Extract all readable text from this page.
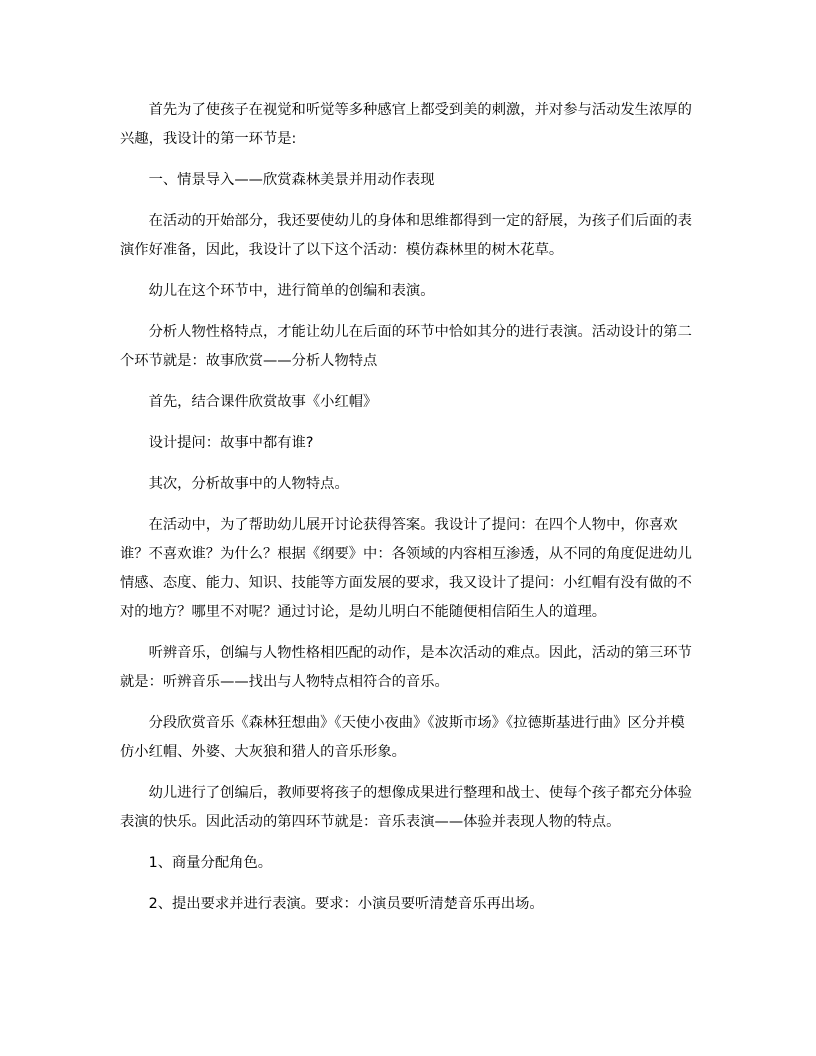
首先为了使孩子在视觉和听觉等多种感官上都受到美的刺激，并对参与活动发生浓厚的兴趣，我设计的第一环节是:

一、情景导入——欣赏森林美景并用动作表现

在活动的开始部分，我还要使幼儿的身体和思维都得到一定的舒展，为孩子们后面的表演作好准备，因此，我设计了以下这个活动：模仿森林里的树木花草。

幼儿在这个环节中，进行简单的创编和表演。

分析人物性格特点，才能让幼儿在后面的环节中恰如其分的进行表演。活动设计的第二个环节就是：故事欣赏——分析人物特点

首先，结合课件欣赏故事《小红帽》

设计提问：故事中都有谁?

其次，分析故事中的人物特点。

在活动中，为了帮助幼儿展开讨论获得答案。我设计了提问：在四个人物中，你喜欢谁？不喜欢谁？为什么？根据《纲要》中：各领域的内容相互渗透，从不同的角度促进幼儿情感、态度、能力、知识、技能等方面发展的要求，我又设计了提问：小红帽有没有做的不对的地方？哪里不对呢？通过讨论，是幼儿明白不能随便相信陌生人的道理。

听辨音乐，创编与人物性格相匹配的动作，是本次活动的难点。因此，活动的第三环节就是：听辨音乐——找出与人物特点相符合的音乐。

分段欣赏音乐《森林狂想曲》《天使小夜曲》《波斯市场》《拉德斯基进行曲》区分并模仿小红帽、外婆、大灰狼和猎人的音乐形象。

幼儿进行了创编后，教师要将孩子的想像成果进行整理和战士、使每个孩子都充分体验表演的快乐。因此活动的第四环节就是：音乐表演——体验并表现人物的特点。

1、商量分配角色。

2、提出要求并进行表演。要求：小演员要听清楚音乐再出场。
